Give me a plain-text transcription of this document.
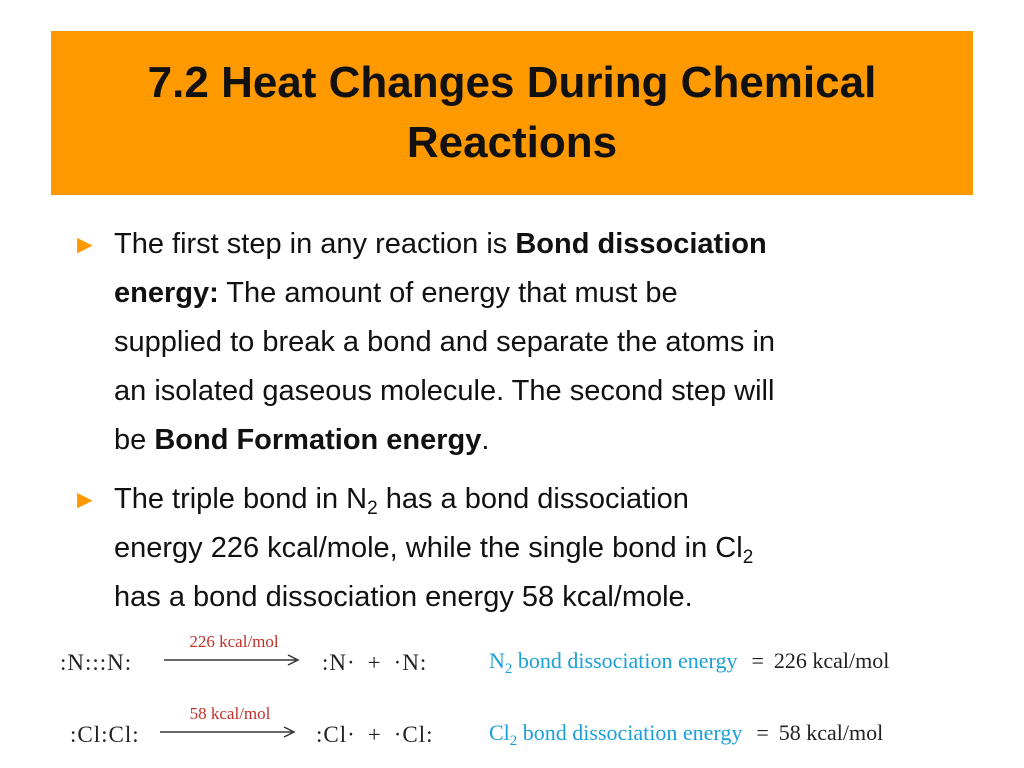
7.2 Heat Changes During Chemical
Reactions
► The first step in any reaction is Bond dissociation
energy: The amount of energy that must be
supplied to break a bond and separate the atoms in
an isolated gaseous molecule. The second step will
be Bond Formation energy.
► The triple bond in $N_2$ has a bond dissociation
energy 226 kcal/mole, while the single bond in $Cl_2$
has a bond dissociation energy 58 kcal/mole.
:N:::N:
226 kcal/mol
:N· + ·N:	$N_2$ bond dissociation energy = 226 kcal/mol
:Cl:Cl:
58 kcal/mol
:Cl· + ·Cl:	$Cl_2$ bond dissociation energy = 58 kcal/mol
